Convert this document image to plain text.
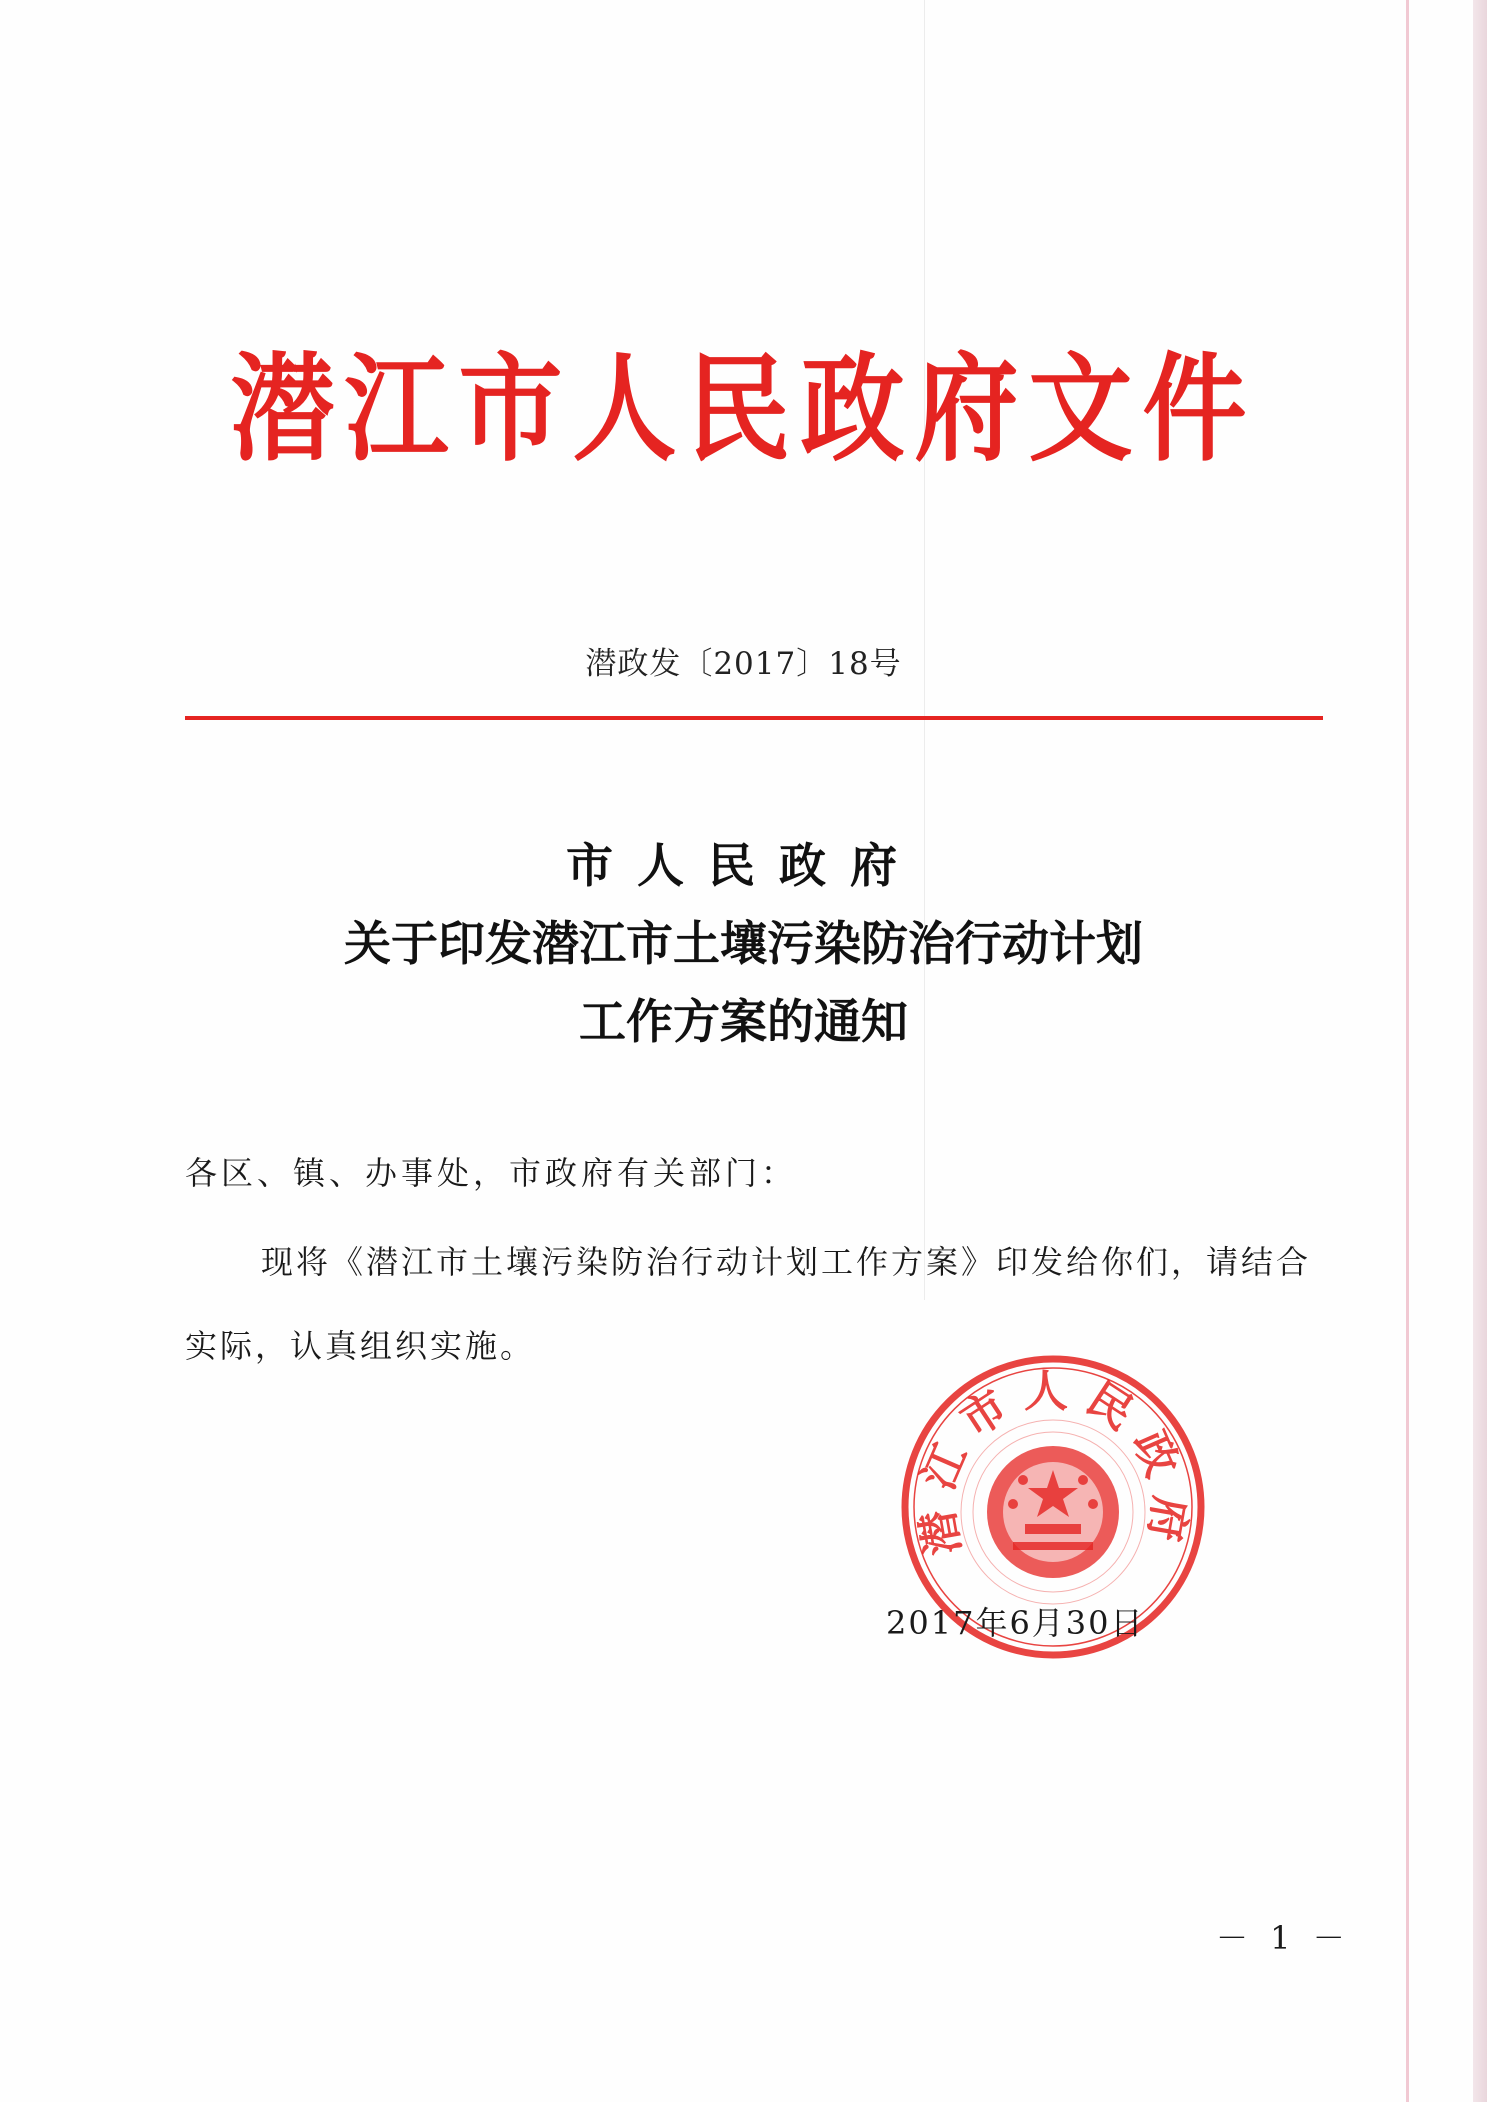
潜江市人民政府文件
潜政发〔2017〕18号
市人民政府
关于印发潜江市土壤污染防治行动计划
工作方案的通知
各区、镇、办事处，市政府有关部门：
现将《潜江市土壤污染防治行动计划工作方案》印发给你们，请结合实际，认真组织实施。
潜江市人民政府
2017年6月30日
－ 1 －
